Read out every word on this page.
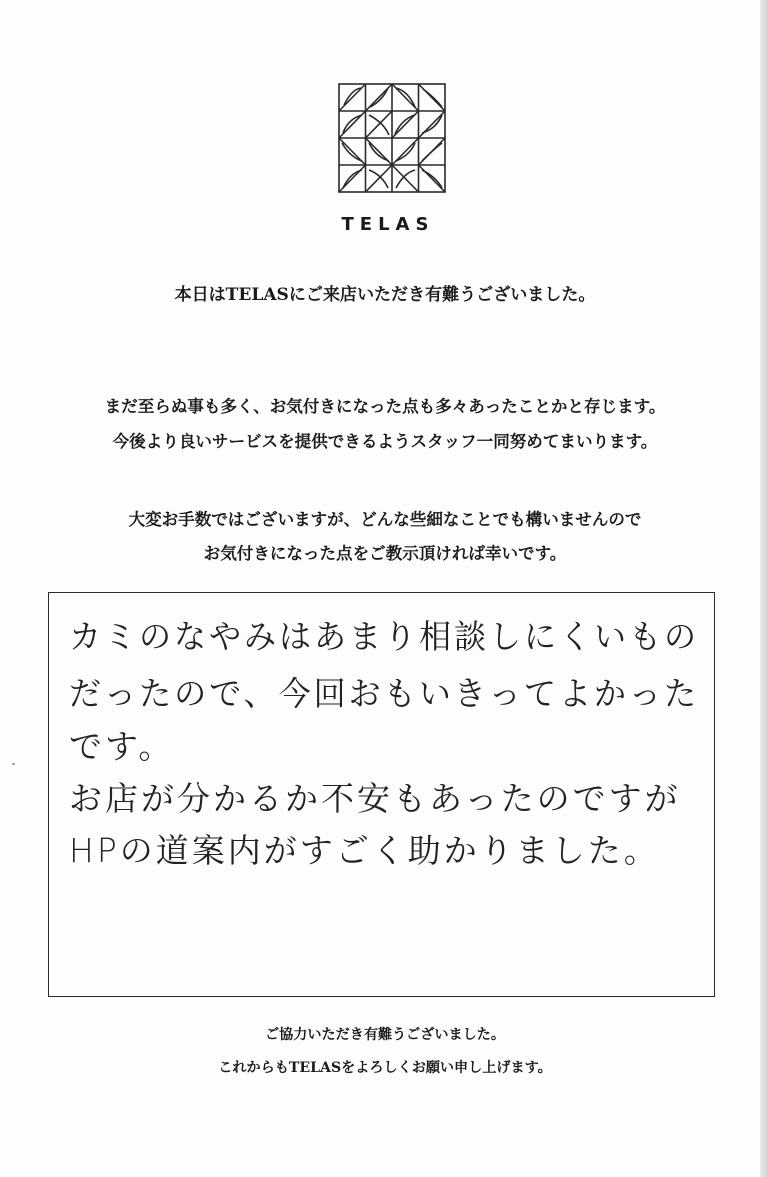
TELAS
本日はTELASにご来店いただき有難うございました。
まだ至らぬ事も多く、お気付きになった点も多々あったことかと存じます。
今後より良いサービスを提供できるようスタッフ一同努めてまいります。
大変お手数ではございますが、どんな些細なことでも構いませんので
お気付きになった点をご教示頂ければ幸いです。
カミのなやみはあまり相談しにくいもの
だったので、今回おもいきってよかった
です。
お店が分かるか不安もあったのですが
HPの道案内がすごく助かりました。
ご協力いただき有難うございました。
これからもTELASをよろしくお願い申し上げます。
